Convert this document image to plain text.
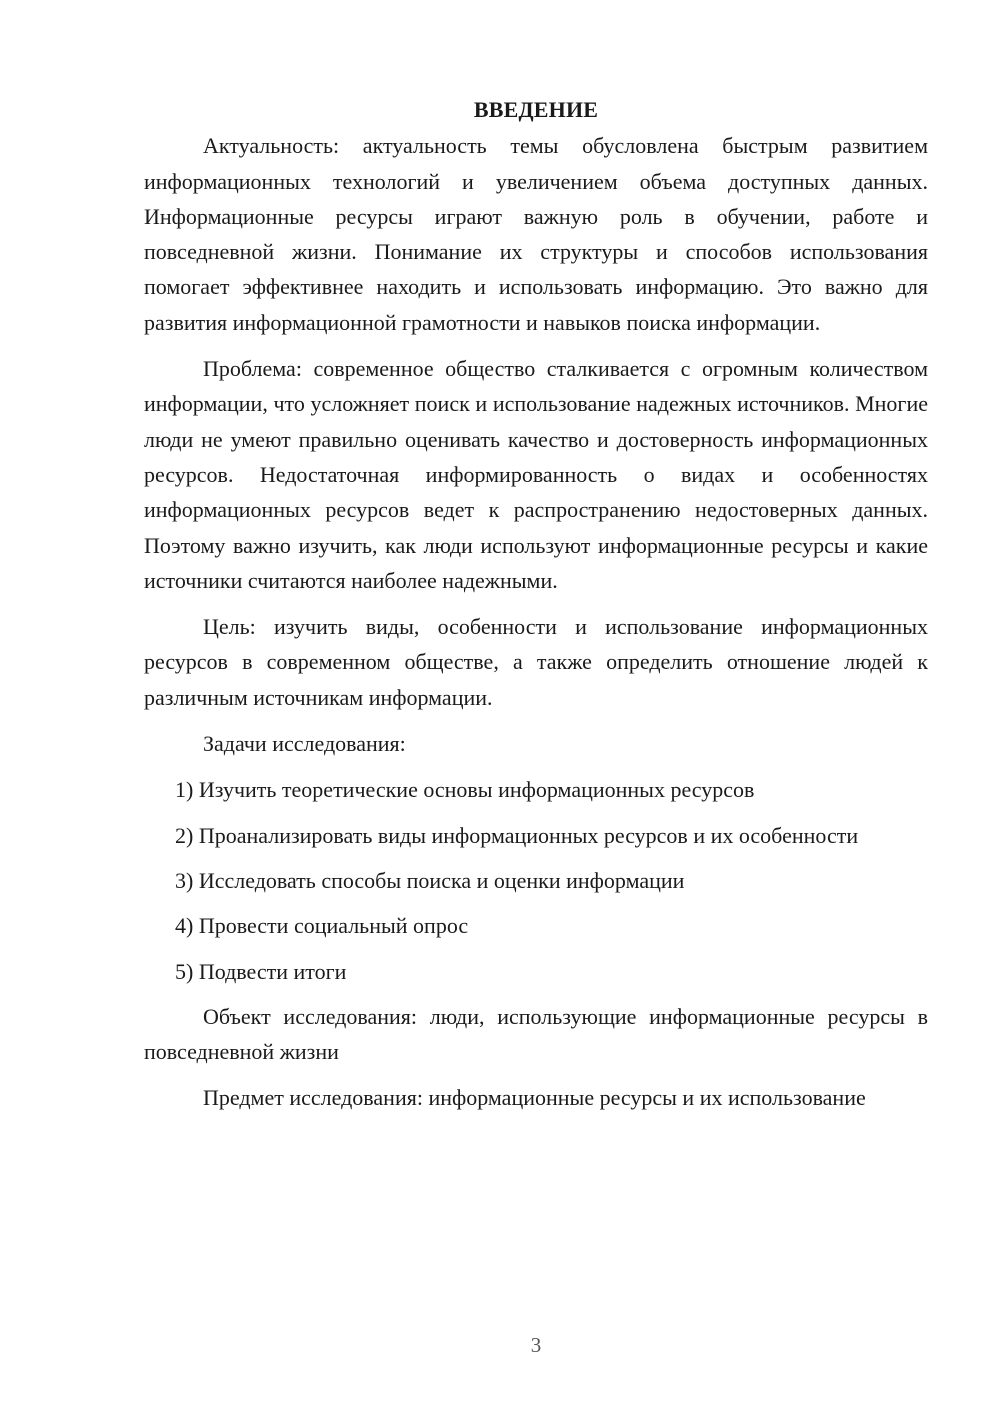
ВВЕДЕНИЕ

Актуальность: актуальность темы обусловлена быстрым развитием информационных технологий и увеличением объема доступных данных. Информационные ресурсы играют важную роль в обучении, работе и повседневной жизни. Понимание их структуры и способов использования помогает эффективнее находить и использовать информацию. Это важно для развития информационной грамотности и навыков поиска информации.

Проблема: современное общество сталкивается с огромным количеством информации, что усложняет поиск и использование надежных источников. Многие люди не умеют правильно оценивать качество и достоверность информационных ресурсов. Недостаточная информированность о видах и особенностях информационных ресурсов ведет к распространению недостоверных данных. Поэтому важно изучить, как люди используют информационные ресурсы и какие источники считаются наиболее надежными.

Цель: изучить виды, особенности и использование информационных ресурсов в современном обществе, а также определить отношение людей к различным источникам информации.

Задачи исследования:

1) Изучить теоретические основы информационных ресурсов

2) Проанализировать виды информационных ресурсов и их особенности

3) Исследовать способы поиска и оценки информации

4) Провести социальный опрос

5) Подвести итоги

Объект исследования: люди, использующие информационные ресурсы в повседневной жизни

Предмет исследования: информационные ресурсы и их использование

3
